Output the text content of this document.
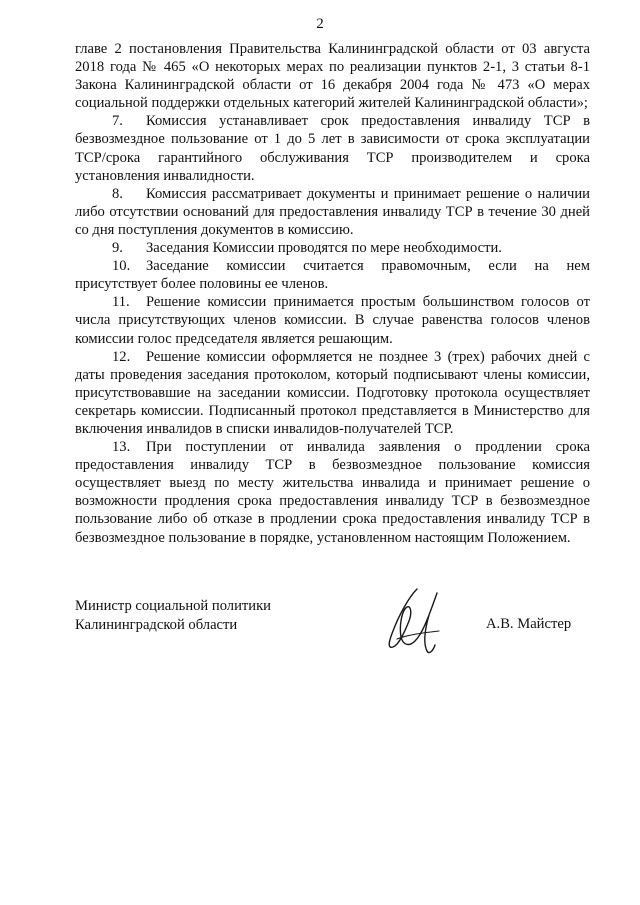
2

главе 2 постановления Правительства Калининградской области от 03 августа 2018 года № 465 «О некоторых мерах по реализации пунктов 2-1, 3 статьи 8-1 Закона Калининградской области от 16 декабря 2004 года № 473 «О мерах социальной поддержки отдельных категорий жителей Калининградской области»;

7. Комиссия устанавливает срок предоставления инвалиду ТСР в безвозмездное пользование от 1 до 5 лет в зависимости от срока эксплуатации ТСР/срока гарантийного обслуживания ТСР производителем и срока установления инвалидности.

8. Комиссия рассматривает документы и принимает решение о наличии либо отсутствии оснований для предоставления инвалиду ТСР в течение 30 дней со дня поступления документов в комиссию.

9. Заседания Комиссии проводятся по мере необходимости.

10. Заседание комиссии считается правомочным, если на нем присутствует более половины ее членов.

11. Решение комиссии принимается простым большинством голосов от числа присутствующих членов комиссии. В случае равенства голосов членов комиссии голос председателя является решающим.

12. Решение комиссии оформляется не позднее 3 (трех) рабочих дней с даты проведения заседания протоколом, который подписывают члены комиссии, присутствовавшие на заседании комиссии. Подготовку протокола осуществляет секретарь комиссии. Подписанный протокол представляется в Министерство для включения инвалидов в списки инвалидов-получателей ТСР.

13. При поступлении от инвалида заявления о продлении срока предоставления инвалиду ТСР в безвозмездное пользование комиссия осуществляет выезд по месту жительства инвалида и принимает решение о возможности продления срока предоставления инвалиду ТСР в безвозмездное пользование либо об отказе в продлении срока предоставления инвалиду ТСР в безвозмездное пользование в порядке, установленном настоящим Положением.

Министр социальной политики
Калининградской области	А.В. Майстер
